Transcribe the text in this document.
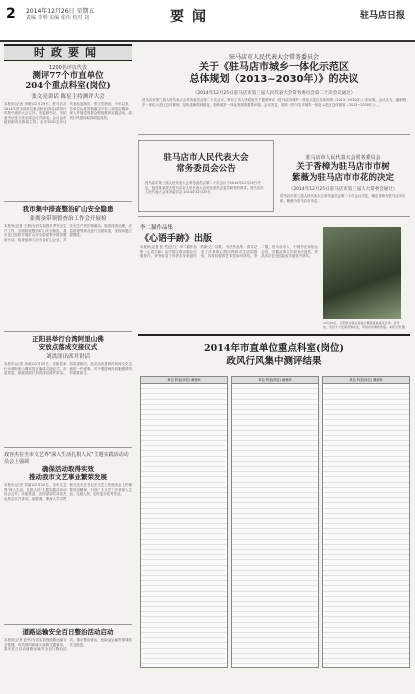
2 2014年12月26日 星期五
责编 李明 美编 张伟 校对 刘	要闻	驻马店日报
时政要闻
1200名评议代表
测评77个市直单位
204个重点科室(岗位)
张文亮讲话 陈星主持测评大会
本报讯(记者 李明)12月25日，驻马店市2014年度市直单位重点科室(岗位)政风行风集中测评大会召开。市委副书记、市纪委书记张文亮出席会议并讲话。会议由市政府副市长陈星主持。全市1200名评议代表参加测评。张文亮指出，今年以来，各单位认真贯彻落实中央八项规定精神，深入开展党的群众路线教育实践活动，政风行风建设取得明显成效。
我市集中排查整治矿山安全隐患
张彻金带领督查治工作会开展检
本报讯(记者 王强)为切实加强冬季安全生产工作，全面排查整治矿山安全隐患，我市近日组织开展矿山安全隐患集中排查整治行动。检查组深入全市各矿山企业，对安全生产责任制落实、隐患排查治理、应急救援等情况进行全面检查，发现问题立即整改。
正阳县举行台湾阿里山佛
安放点落成交接仪式
刘洪泽出席并讲话
本报讯(记者 孙涛)12月25日，正阳县举行台湾阿里山佛安放点落成交接仪式。市委常委、统战部部长刘洪泽出席并讲话。刘洪泽指出，此次活动是两岸民间文化交流的一件盛事，对于增进两岸同胞感情具有重要意义。
戏容杰在全市文艺界"深入生活扎根人民"主题实践活动动员会上强调
确保活动取得实效
推动我市文艺事业繁荣发展
本报讯(记者 刘丽)12月25日，全市文艺界"深入生活、扎根人民"主题实践活动动员会召开。市委常委、宣传部部长戏容杰出席会议并讲话。他强调，要深入学习贯彻习近平总书记在文艺工作座谈会上的重要讲话精神，引导广大文艺工作者深入生活、扎根人民，创作更多优秀作品。
道路运输安全百日整治活动启动
本报讯(记者 赵军)为切实加强道路运输安全管理，有效预防和减少道路交通事故，我市近日启动道路运输安全百日整治活动，重点整治客运、危险品运输等领域的安全隐患。
驻马店市人民代表大会常务委员会
关于《驻马店市城乡一体化示范区
总体规划（2013~2030年）》的决议
（2014年12月25日驻马店市第三届人民代表大会常务委员会第二十次会议通过）
驻马店市第三届人民代表大会常务委员会第二十次会议，审议了市人民政府关于提请审议《驻马店市城乡一体化示范区总体规划（2013~2030年）》的议案。会议认为，编制城乡一体化示范区总体规划，是推进新型城镇化、加快城乡一体化发展的重要举措。会议决定，批准《驻马店市城乡一体化示范区总体规划（2013~2030年）》。
驻马店市人民代表大会
常务委员会公告
驻马店市第三届人民代表大会常务委员会第二十次会议于2014年12月25日决定，接受某某辞去驻马店市人民代表大会常务委员会委员职务的请求。驻马店市人民代表大会常务委员会 2014年12月25日
驻马店市人民代表大会常务委员会
关于香樟为驻马店市市树
紫薇为驻马店市市花的决定
（2014年12月25日驻马店市第三届人大常委会通过）
驻马店市第三届人民代表大会常务委员会第二十次会议决定，确定香樟为驻马店市市树、紫薇为驻马店市市花。
李二猫作品集
《心语手跡》出版
本报讯(记者 张 然)近日，李二猫作品集《心语手跡》由中国文联出版社出版发行。该书收录了作者多年来创作的散文、诗歌、书法作品等，真实记录了作者的心路历程和对生活的感悟，具有较强的艺术性和可读性。李二猫，驻马店市人，中国书法家协会会员，长期从事文学和书法创作，作品多次在全国及省市展览中获奖。
12月25日，正阳县村民在温室大棚里查看蔬菜长势。近年来，该县大力发展设施农业，带动农民增收致富。本报记者 摄
2014年市直单位重点科室(岗位)
政风行风集中测评结果
单位 科室(岗位) 满意率	单位 科室(岗位) 满意率	单位 科室(岗位) 满意率
